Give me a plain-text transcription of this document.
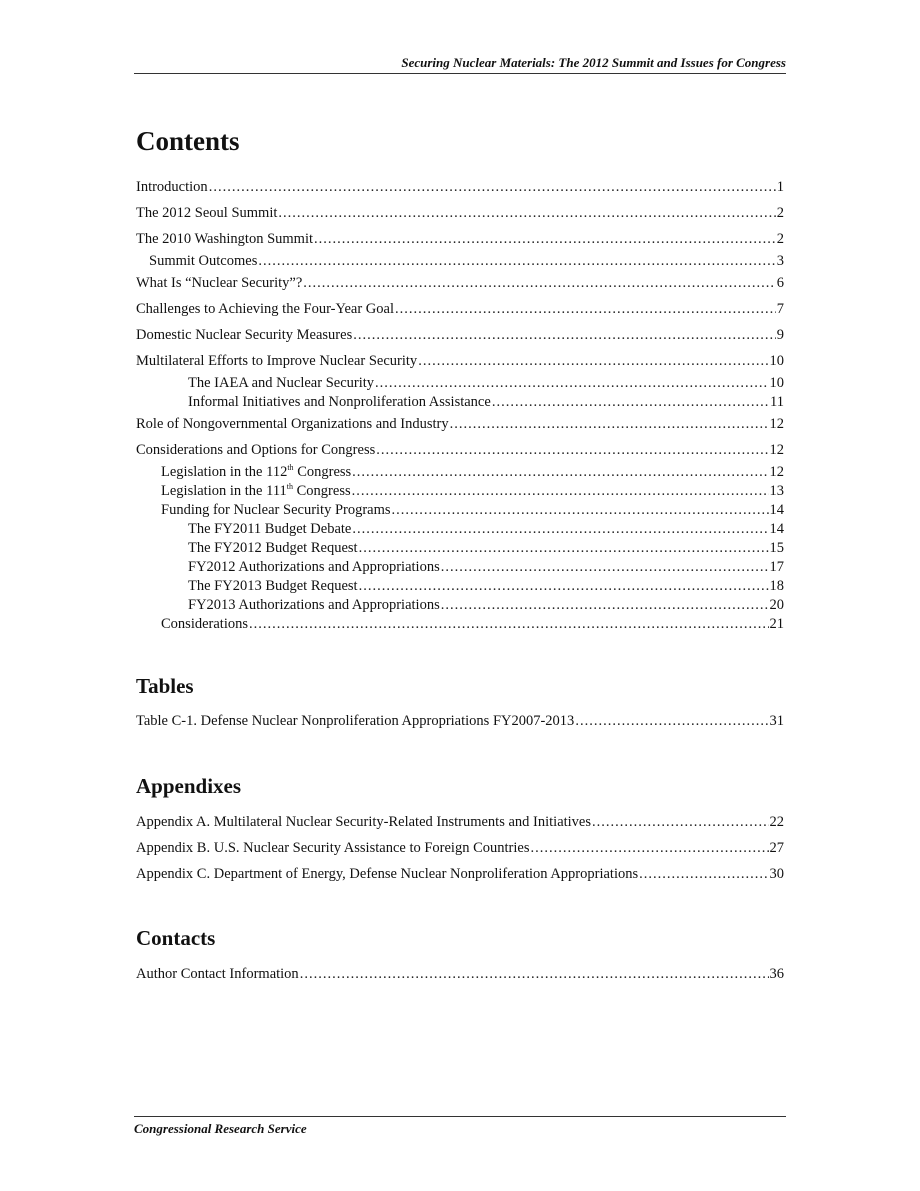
Securing Nuclear Materials: The 2012 Summit and Issues for Congress
Contents
Introduction .....	1
The 2012 Seoul Summit .....	2
The 2010 Washington Summit .....	2
Summit Outcomes .....	3
What Is “Nuclear Security”? .....	6
Challenges to Achieving the Four-Year Goal .....	7
Domestic Nuclear Security Measures .....	9
Multilateral Efforts to Improve Nuclear Security .....	10
The IAEA and Nuclear Security .....	10
Informal Initiatives and Nonproliferation Assistance .....	11
Role of Nongovernmental Organizations and Industry .....	12
Considerations and Options for Congress .....	12
Legislation in the 112th Congress .....	12
Legislation in the 111th Congress .....	13
Funding for Nuclear Security Programs .....	14
The FY2011 Budget Debate .....	14
The FY2012 Budget Request .....	15
FY2012 Authorizations and Appropriations .....	17
The FY2013 Budget Request .....	18
FY2013 Authorizations and Appropriations .....	20
Considerations .....	21
Tables
Table C-1. Defense Nuclear Nonproliferation Appropriations FY2007-2013 .....	31
Appendixes
Appendix A. Multilateral Nuclear Security-Related Instruments and Initiatives .....	22
Appendix B. U.S. Nuclear Security Assistance to Foreign Countries .....	27
Appendix C. Department of Energy, Defense Nuclear Nonproliferation Appropriations .....	30
Contacts
Author Contact Information .....	36
Congressional Research Service
